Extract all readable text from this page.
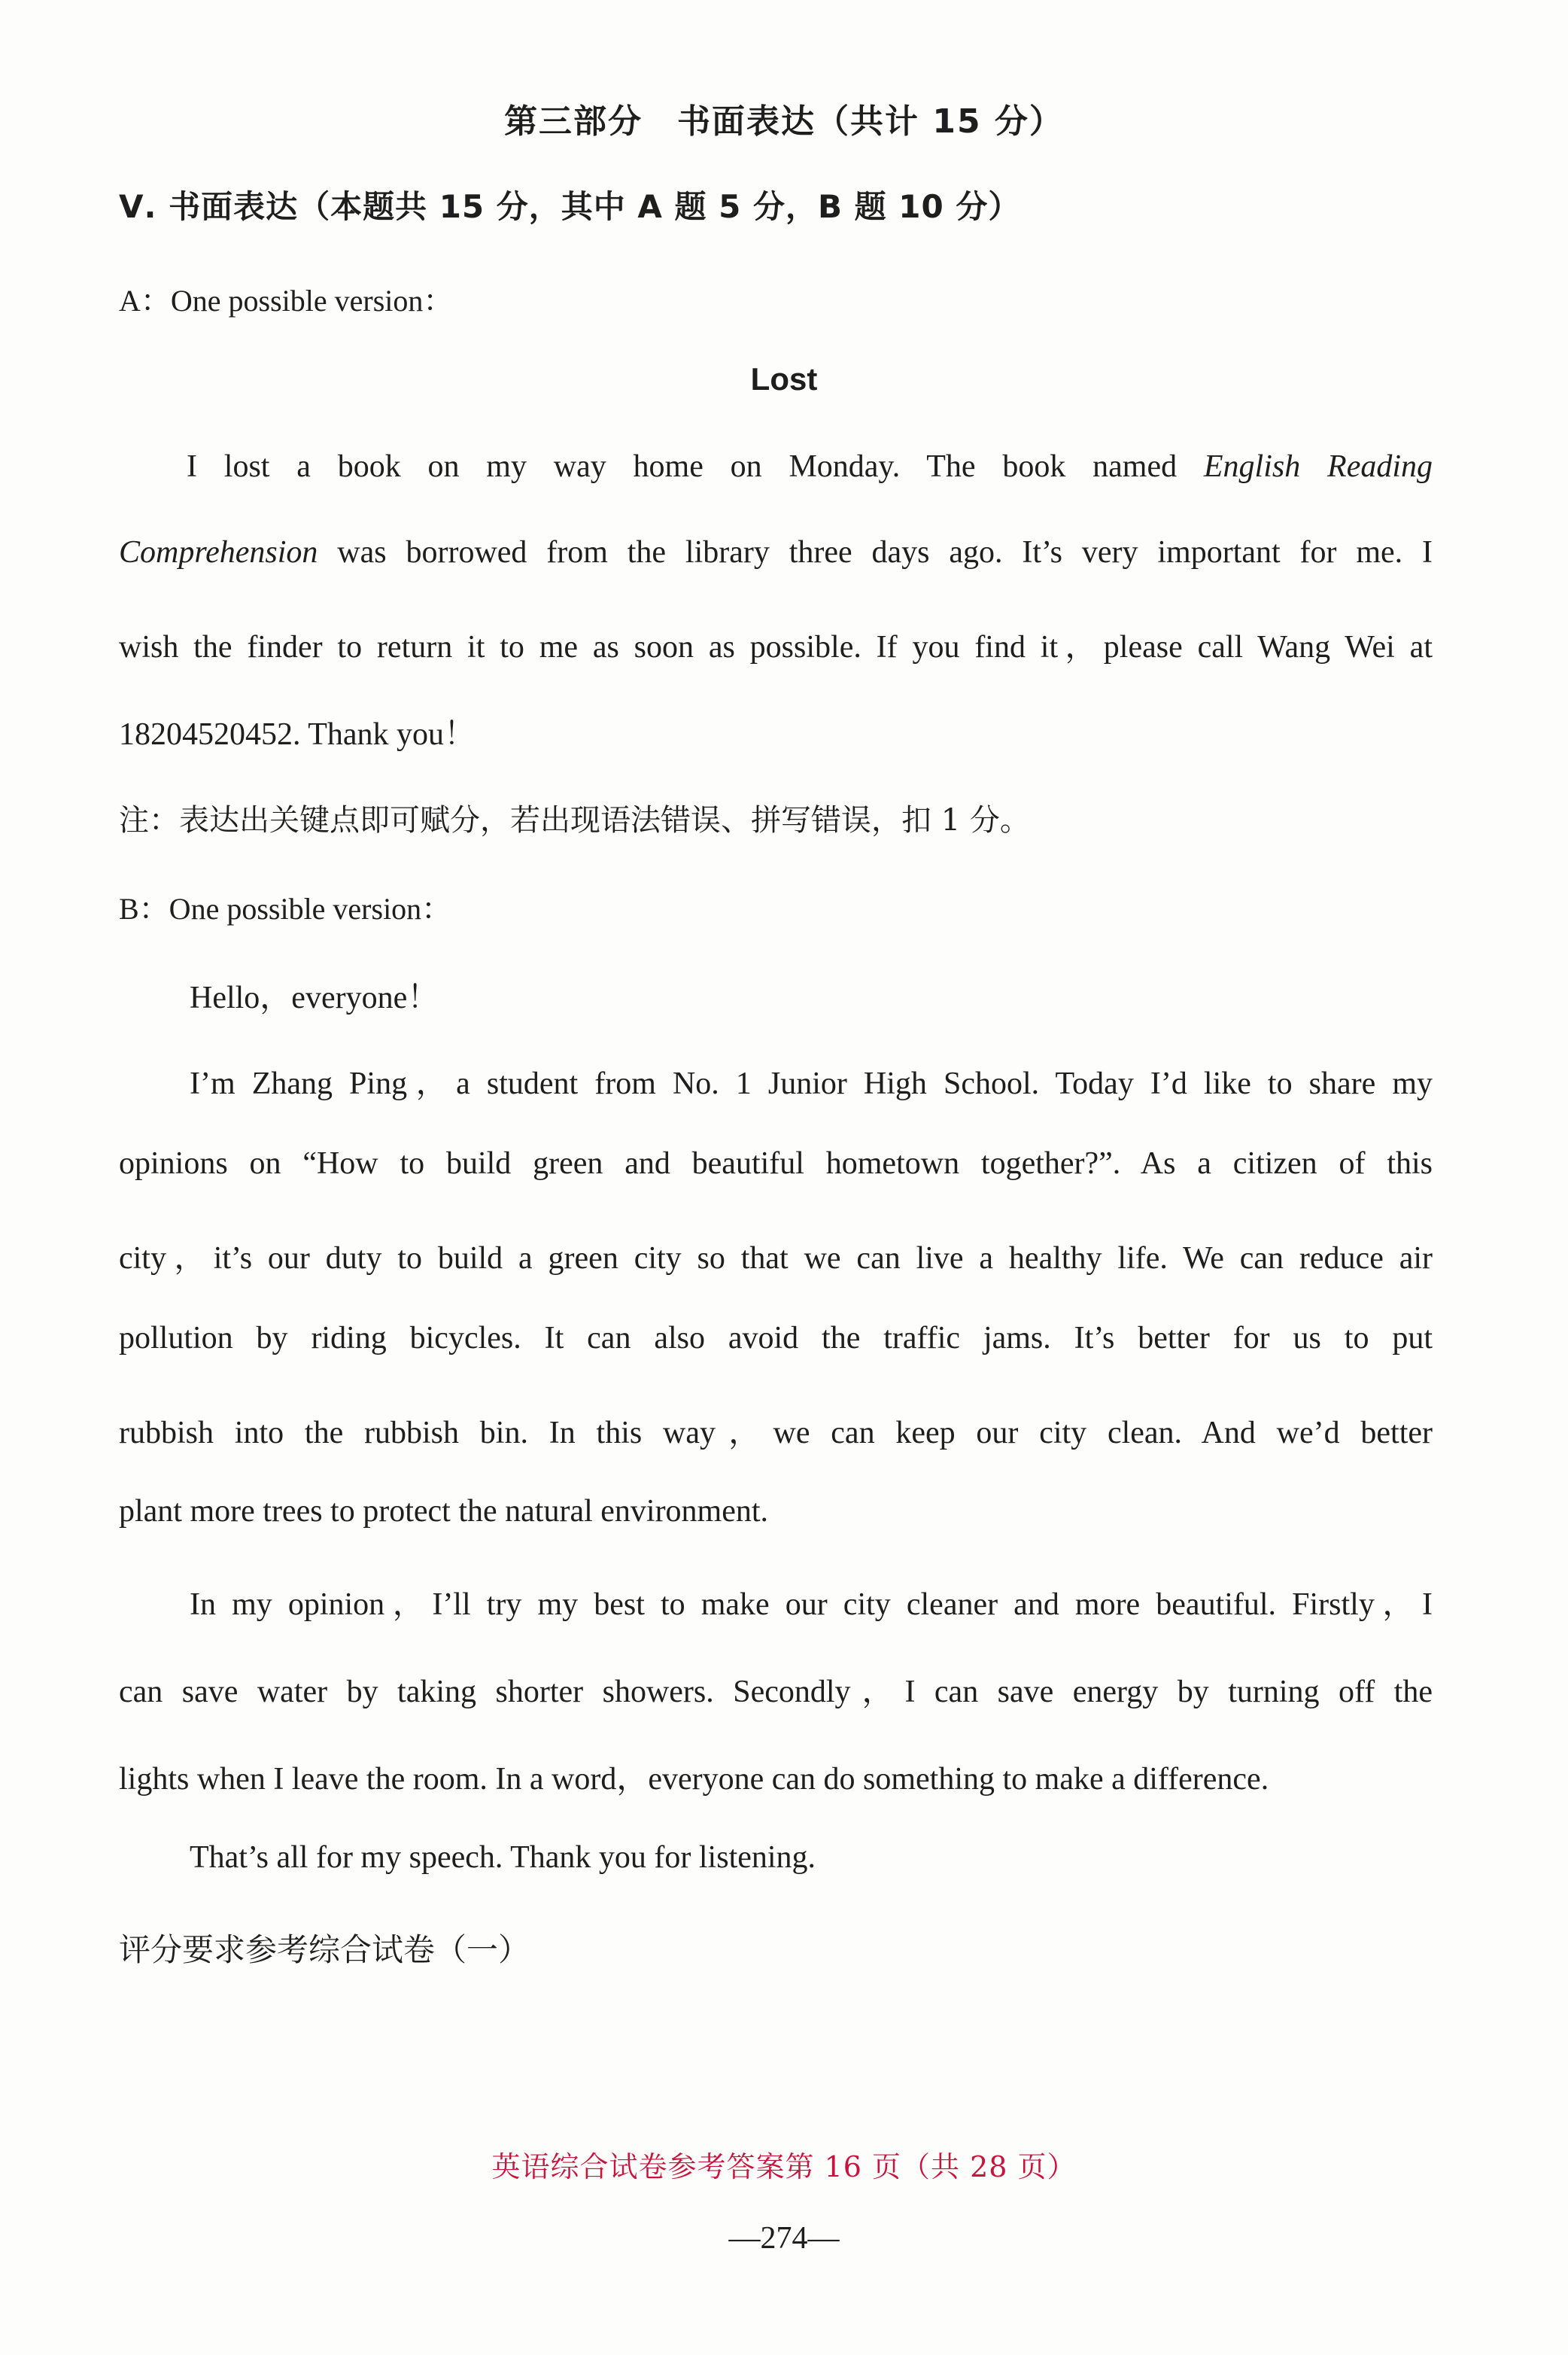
第三部分　书面表达（共计 15 分）
Ⅴ. 书面表达（本题共 15 分，其中 A 题 5 分，B 题 10 分）
A：One possible version：
Lost
I lost a book on my way home on Monday. The book named English Reading
Comprehension was borrowed from the library three days ago. It’s very important for me. I
wish the finder to return it to me as soon as possible. If you find it，please call Wang Wei at
18204520452. Thank you！
注：表达出关键点即可赋分，若出现语法错误、拼写错误，扣 1 分。
B：One possible version：
Hello，everyone！
I’m Zhang Ping，a student from No. 1 Junior High School. Today I’d like to share my
opinions on “How to build green and beautiful hometown together?”. As a citizen of this
city，it’s our duty to build a green city so that we can live a healthy life. We can reduce air
pollution by riding bicycles. It can also avoid the traffic jams. It’s better for us to put
rubbish into the rubbish bin. In this way，we can keep our city clean. And we’d better
plant more trees to protect the natural environment.
In my opinion，I’ll try my best to make our city cleaner and more beautiful. Firstly，I
can save water by taking shorter showers. Secondly，I can save energy by turning off the
lights when I leave the room. In a word，everyone can do something to make a difference.
That’s all for my speech. Thank you for listening.
评分要求参考综合试卷（一）
英语综合试卷参考答案第 16 页（共 28 页）
—274—
